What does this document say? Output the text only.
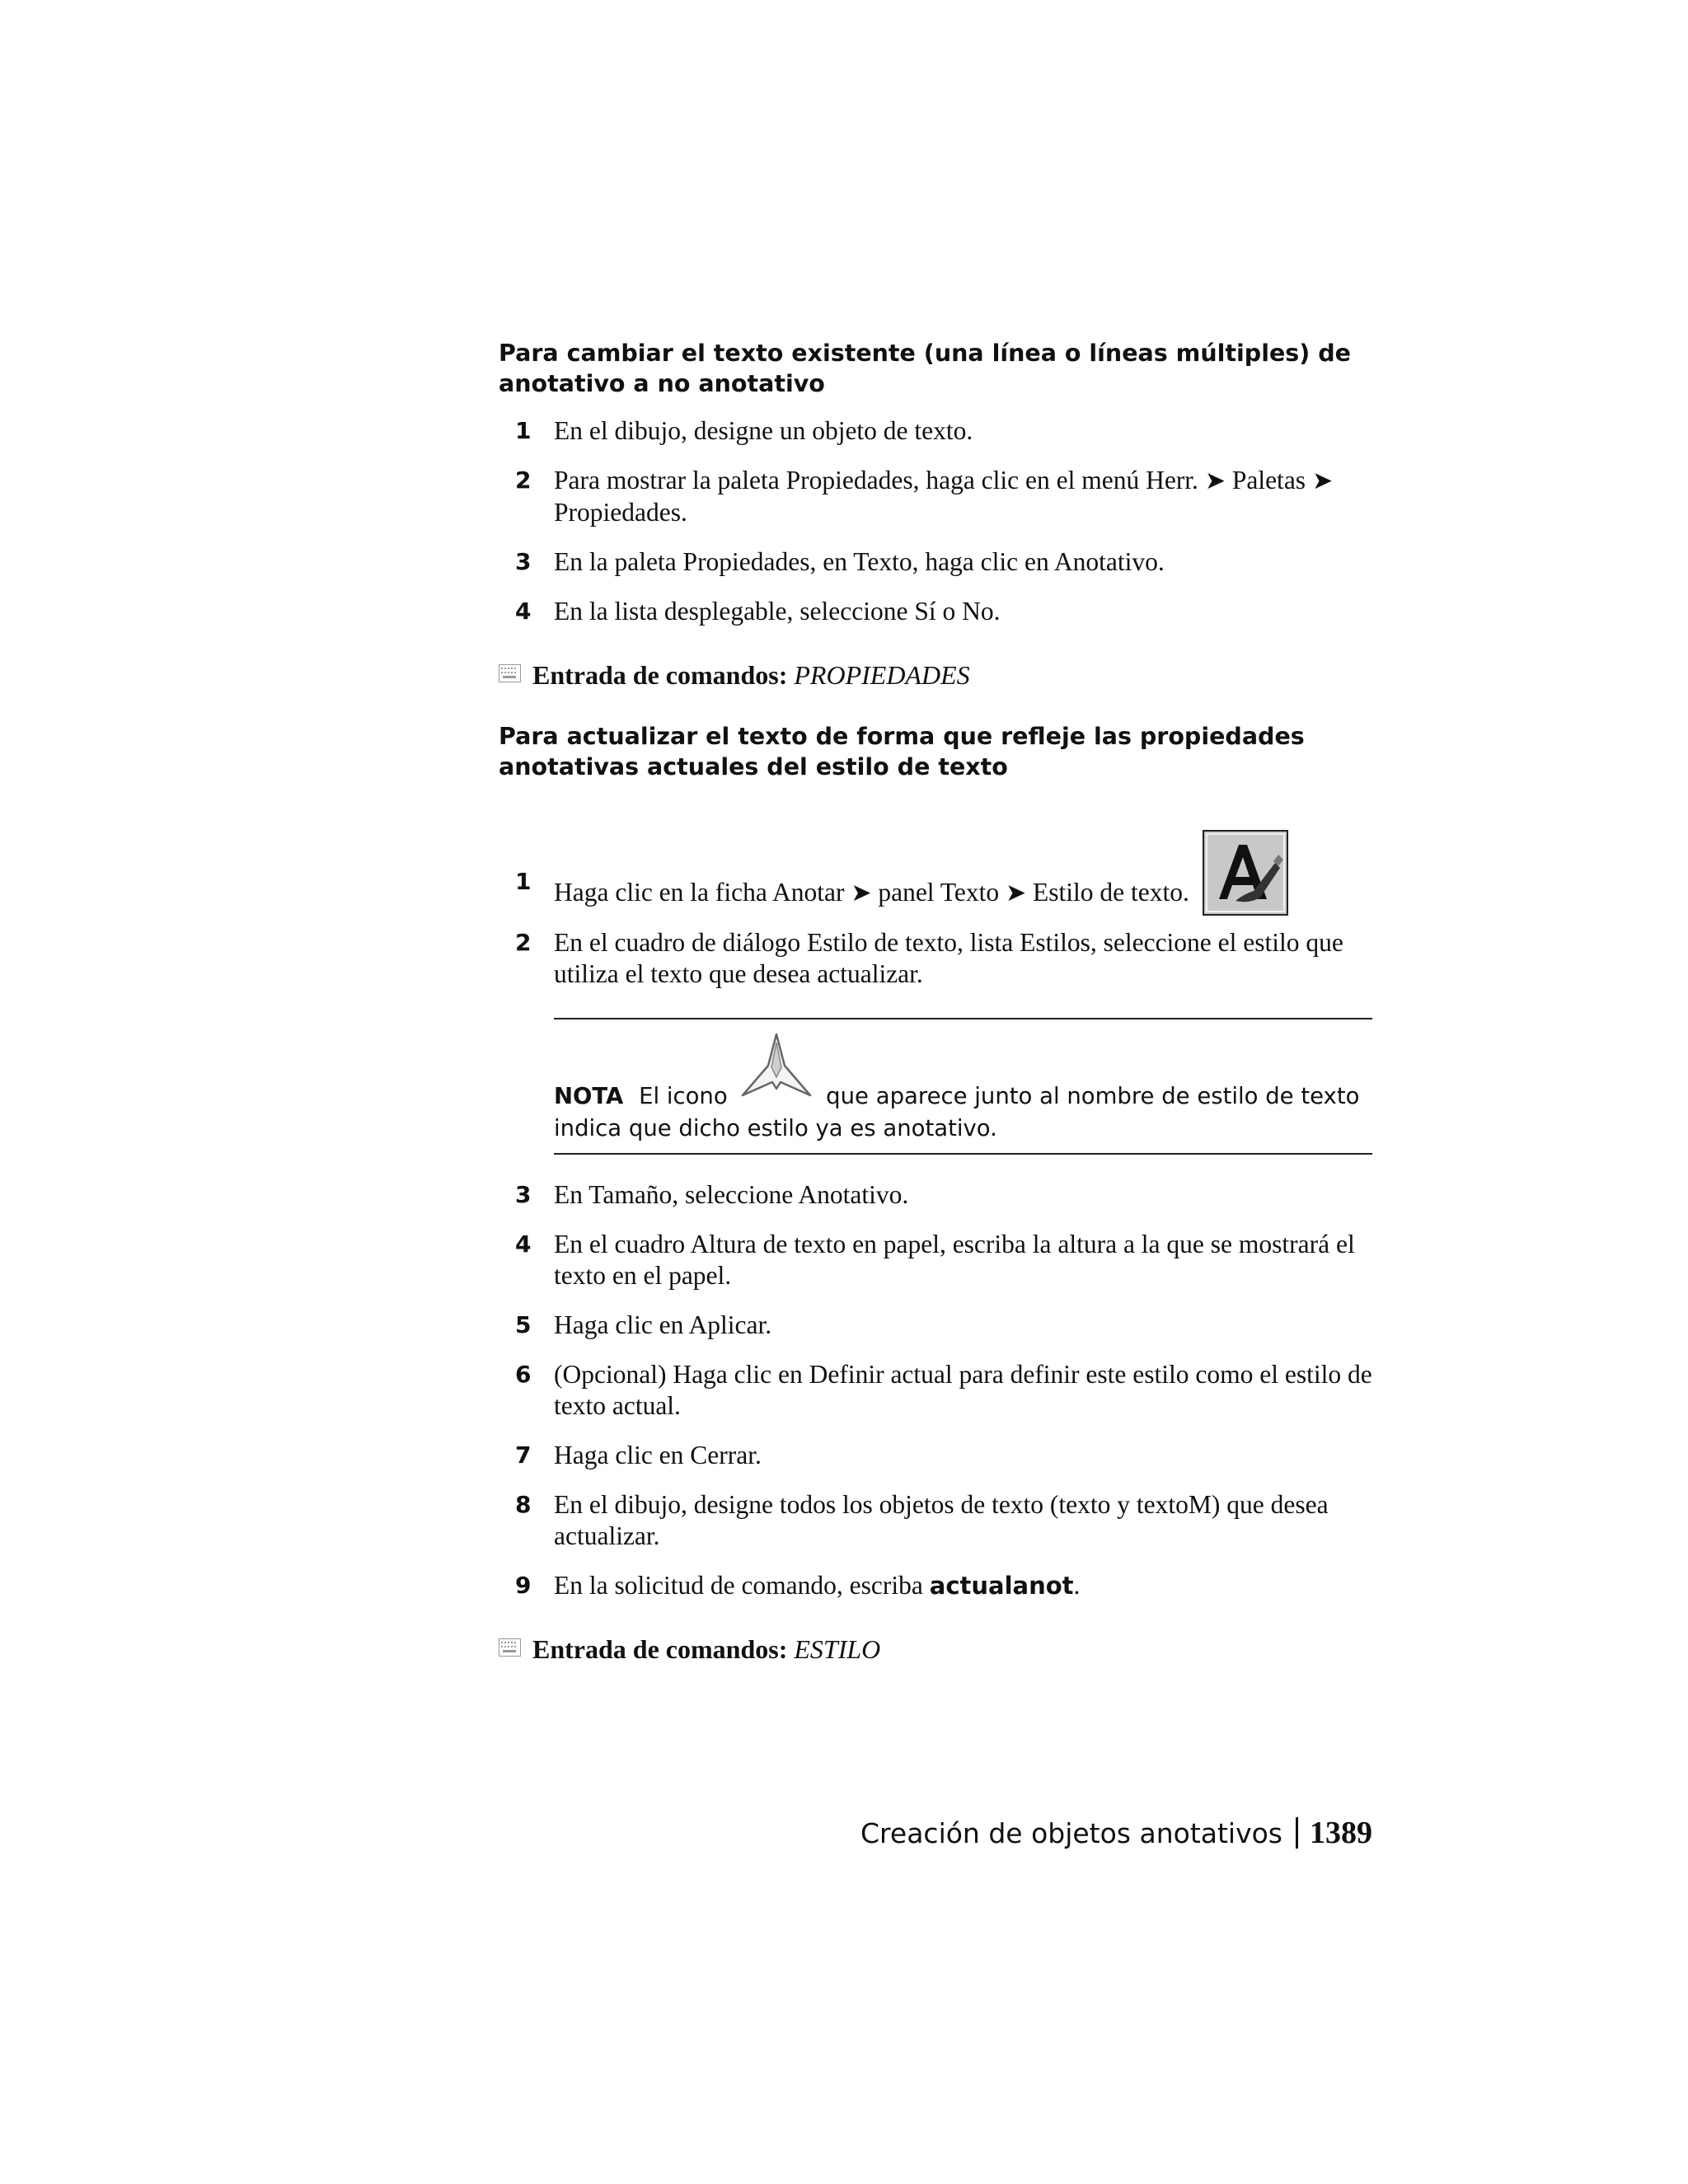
Para cambiar el texto existente (una línea o líneas múltiples) de anotativo a no anotativo

1 En el dibujo, designe un objeto de texto.
2 Para mostrar la paleta Propiedades, haga clic en el menú Herr. ➤ Paletas ➤ Propiedades.
3 En la paleta Propiedades, en Texto, haga clic en Anotativo.
4 En la lista desplegable, seleccione Sí o No.
Entrada de comandos: PROPIEDADES

Para actualizar el texto de forma que refleje las propiedades anotativas actuales del estilo de texto

1 Haga clic en la ficha Anotar ➤ panel Texto ➤ Estilo de texto.
2 En el cuadro de diálogo Estilo de texto, lista Estilos, seleccione el estilo que utiliza el texto que desea actualizar.
NOTA El icono	que aparece junto al nombre de estilo de texto indica que dicho estilo ya es anotativo.
3 En Tamaño, seleccione Anotativo.
4 En el cuadro Altura de texto en papel, escriba la altura a la que se mostrará el texto en el papel.
5 Haga clic en Aplicar.
6 (Opcional) Haga clic en Definir actual para definir este estilo como el estilo de texto actual.
7 Haga clic en Cerrar.
8 En el dibujo, designe todos los objetos de texto (texto y textoM) que desea actualizar.
9 En la solicitud de comando, escriba actualanot.
Entrada de comandos: ESTILO
Creación de objetos anotativos 1389
